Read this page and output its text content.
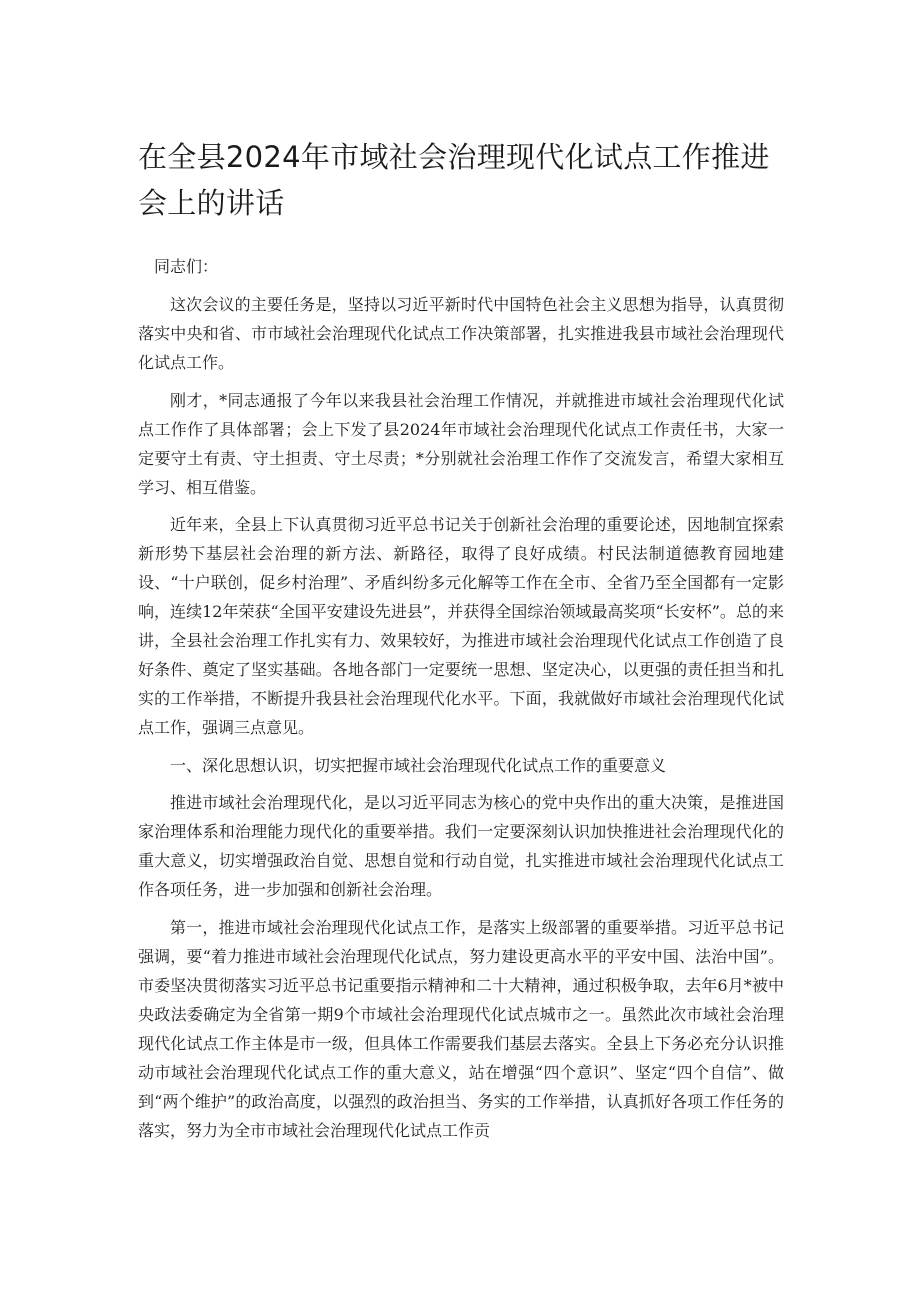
在全县2024年市域社会治理现代化试点工作推进会上的讲话

同志们：

这次会议的主要任务是，坚持以习近平新时代中国特色社会主义思想为指导，认真贯彻落实中央和省、市市域社会治理现代化试点工作决策部署，扎实推进我县市域社会治理现代化试点工作。

刚才，*同志通报了今年以来我县社会治理工作情况，并就推进市域社会治理现代化试点工作作了具体部署；会上下发了县2024年市域社会治理现代化试点工作责任书，大家一定要守土有责、守土担责、守土尽责；*分别就社会治理工作作了交流发言，希望大家相互学习、相互借鉴。

近年来，全县上下认真贯彻习近平总书记关于创新社会治理的重要论述，因地制宜探索新形势下基层社会治理的新方法、新路径，取得了良好成绩。村民法制道德教育园地建设、“十户联创，促乡村治理”、矛盾纠纷多元化解等工作在全市、全省乃至全国都有一定影响，连续12年荣获“全国平安建设先进县”，并获得全国综治领域最高奖项“长安杯”。总的来讲，全县社会治理工作扎实有力、效果较好，为推进市域社会治理现代化试点工作创造了良好条件、奠定了坚实基础。各地各部门一定要统一思想、坚定决心，以更强的责任担当和扎实的工作举措，不断提升我县社会治理现代化水平。下面，我就做好市域社会治理现代化试点工作，强调三点意见。

一、深化思想认识，切实把握市域社会治理现代化试点工作的重要意义

推进市域社会治理现代化，是以习近平同志为核心的党中央作出的重大决策，是推进国家治理体系和治理能力现代化的重要举措。我们一定要深刻认识加快推进社会治理现代化的重大意义，切实增强政治自觉、思想自觉和行动自觉，扎实推进市域社会治理现代化试点工作各项任务，进一步加强和创新社会治理。

第一，推进市域社会治理现代化试点工作，是落实上级部署的重要举措。习近平总书记强调，要“着力推进市域社会治理现代化试点，努力建设更高水平的平安中国、法治中国”。市委坚决贯彻落实习近平总书记重要指示精神和二十大精神，通过积极争取，去年6月*被中央政法委确定为全省第一期9个市域社会治理现代化试点城市之一。虽然此次市域社会治理现代化试点工作主体是市一级，但具体工作需要我们基层去落实。全县上下务必充分认识推动市域社会治理现代化试点工作的重大意义，站在增强“四个意识”、坚定“四个自信”、做到“两个维护”的政治高度，以强烈的政治担当、务实的工作举措，认真抓好各项工作任务的落实，努力为全市市域社会治理现代化试点工作贡
